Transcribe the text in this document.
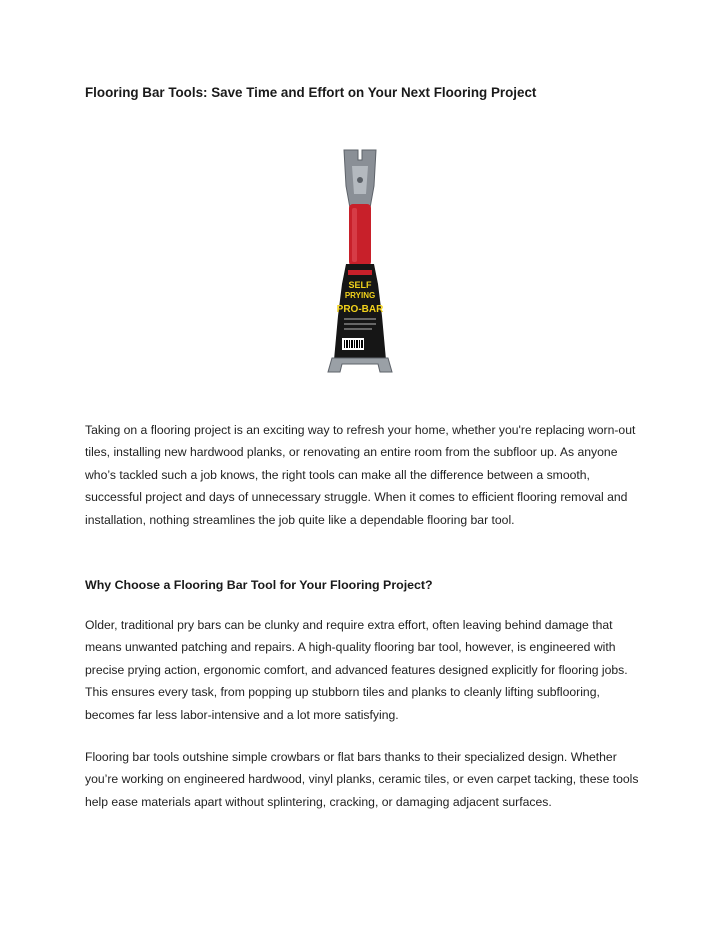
Flooring Bar Tools: Save Time and Effort on Your Next Flooring Project
SELF
PRYING
PRO-BAR

Taking on a flooring project is an exciting way to refresh your home, whether you're replacing worn-out tiles, installing new hardwood planks, or renovating an entire room from the subfloor up. As anyone who’s tackled such a job knows, the right tools can make all the difference between a smooth, successful project and days of unnecessary struggle. When it comes to efficient flooring removal and installation, nothing streamlines the job quite like a dependable flooring bar tool.

Why Choose a Flooring Bar Tool for Your Flooring Project?

Older, traditional pry bars can be clunky and require extra effort, often leaving behind damage that means unwanted patching and repairs. A high-quality flooring bar tool, however, is engineered with precise prying action, ergonomic comfort, and advanced features designed explicitly for flooring jobs. This ensures every task, from popping up stubborn tiles and planks to cleanly lifting subflooring, becomes far less labor-intensive and a lot more satisfying.

Flooring bar tools outshine simple crowbars or flat bars thanks to their specialized design. Whether you’re working on engineered hardwood, vinyl planks, ceramic tiles, or even carpet tacking, these tools help ease materials apart without splintering, cracking, or damaging adjacent surfaces.
